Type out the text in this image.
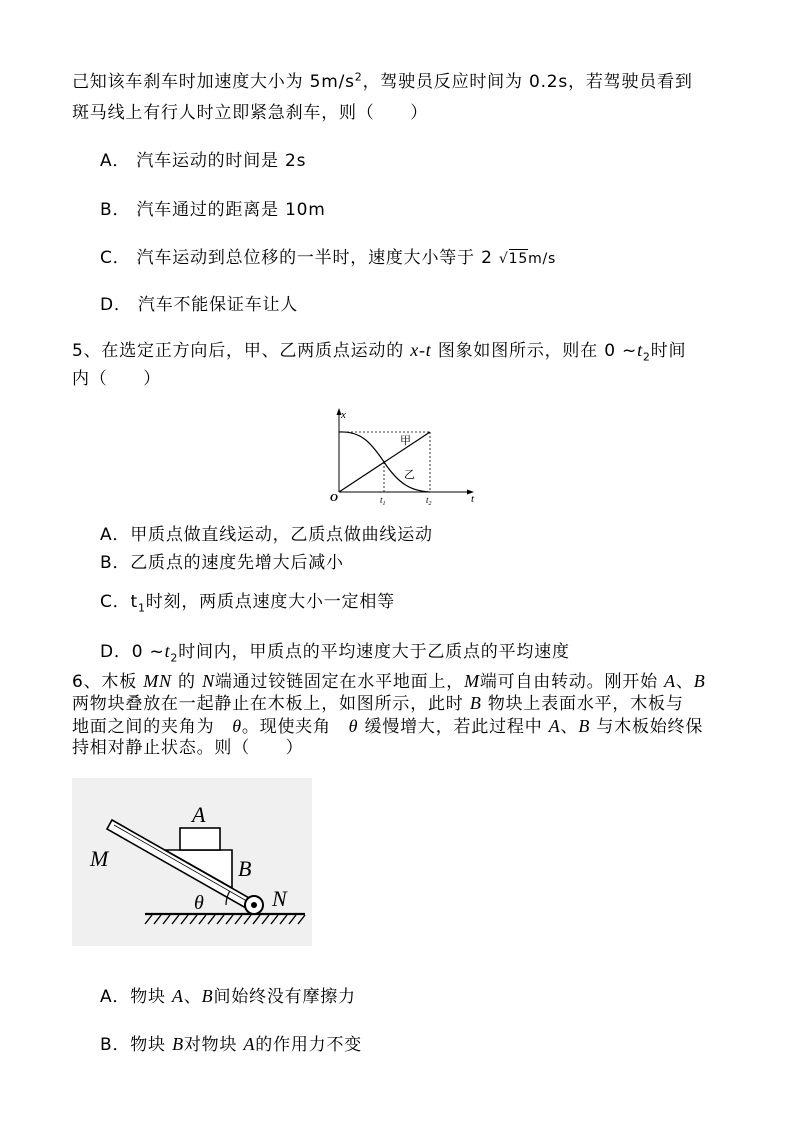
己知该车刹车时加速度大小为 $5m/s^2$，驾驶员反应时间为 0.2s，若驾驶员看到
斑马线上有行人时立即紧急刹车，则（　　）
A． 汽车运动的时间是 2s
B． 汽车通过的距离是 10m
C． 汽车运动到总位移的一半时，速度大小等于 2 √15m/s
D． 汽车不能保证车让人
5、在选定正方向后，甲、乙两质点运动的 x-t 图象如图所示，则在 0 $\sim t_2$时间
内（　　）
x
O	t
甲
乙
$t_1$	$t_2$
A．甲质点做直线运动，乙质点做曲线运动
B．乙质点的速度先增大后减小
C．$t_1$时刻，两质点速度大小一定相等
D．0 $\sim t_2$时间内，甲质点的平均速度大于乙质点的平均速度
6、木板 MN 的 N端通过铰链固定在水平地面上，M端可自由转动。刚开始 A、B
两物块叠放在一起静止在木板上，如图所示，此时 B 物块上表面水平，木板与
地面之间的夹角为　θ。现使夹角　θ 缓慢增大，若此过程中 A、B 与木板始终保
持相对静止状态。则（　　）
A
B
M
N
θ
A．物块 A、B间始终没有摩擦力
B．物块 B对物块 A的作用力不变
